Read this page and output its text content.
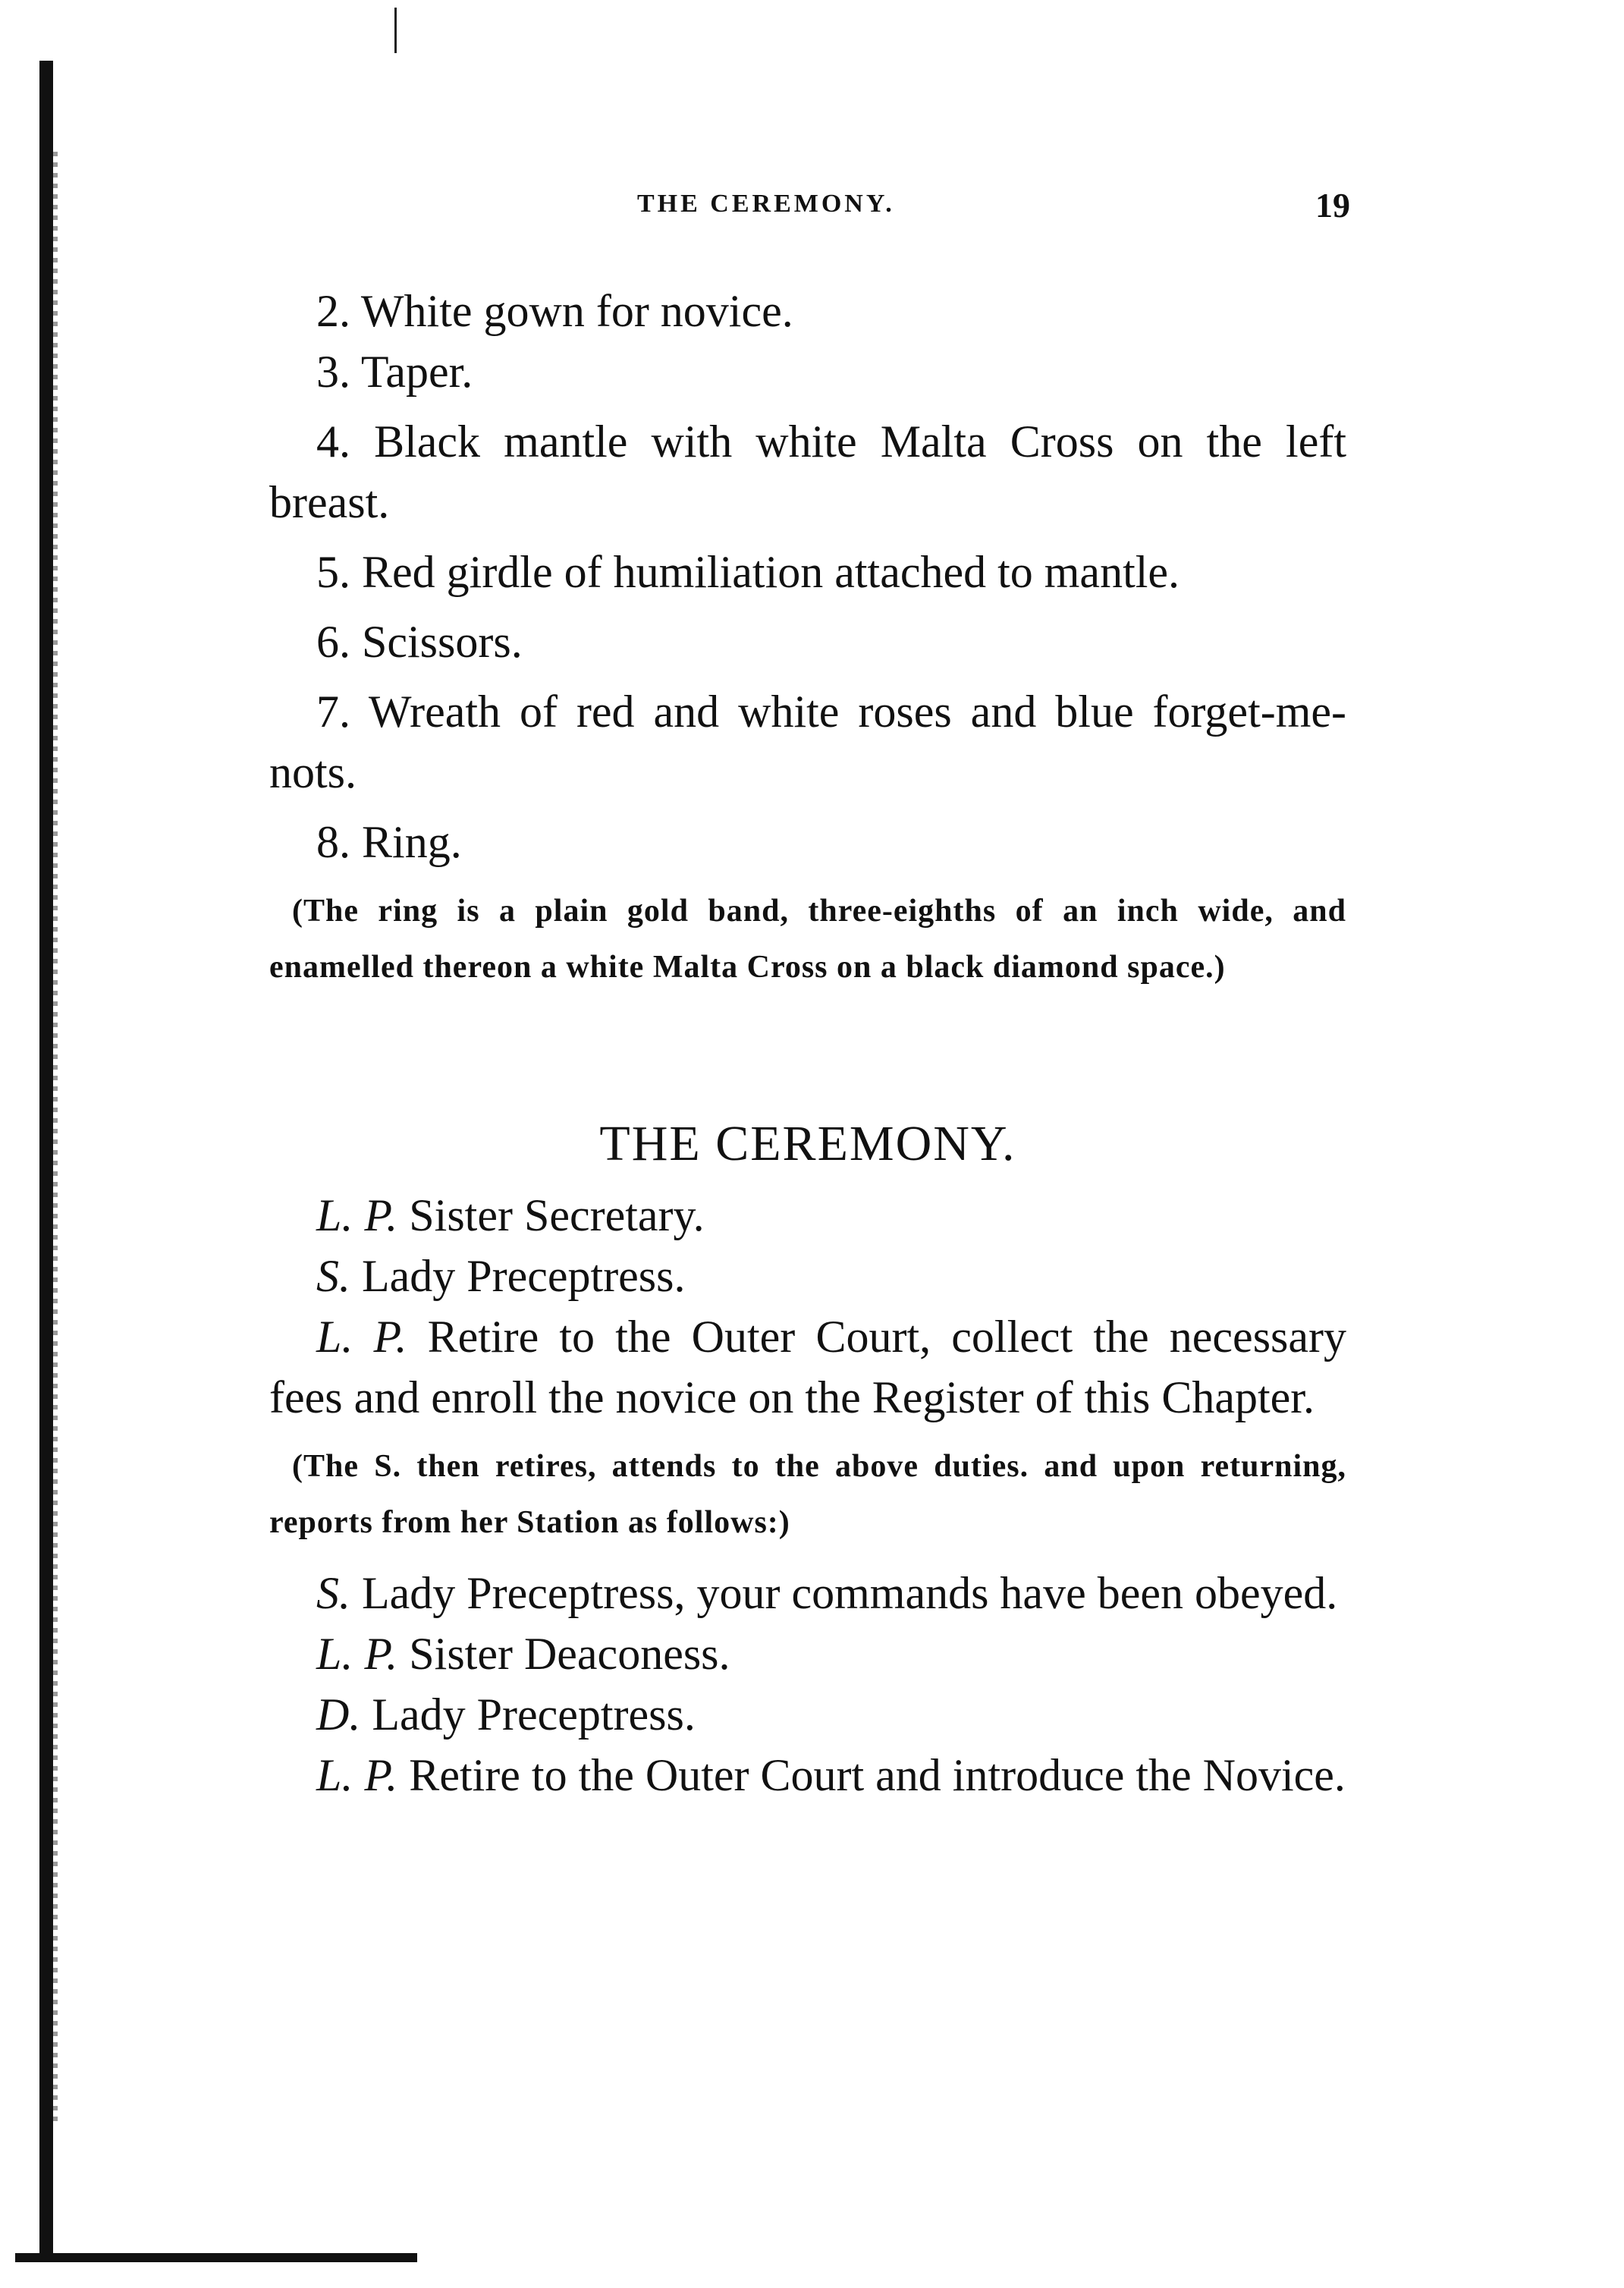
THE CEREMONY.	19

2. White gown for novice.

3. Taper.

4. Black mantle with white Malta Cross on the left breast.

5. Red girdle of humiliation attached to mantle.

6. Scissors.

7. Wreath of red and white roses and blue forget-me-nots.

8. Ring.

(The ring is a plain gold band, three-eighths of an inch wide, and enamelled thereon a white Malta Cross on a black diamond space.)

THE CEREMONY.

L. P. Sister Secretary.

S. Lady Preceptress.

L. P. Retire to the Outer Court, collect the necessary fees and enroll the novice on the Register of this Chapter.

(The S. then retires, attends to the above duties. and upon returning, reports from her Station as follows:)

S. Lady Preceptress, your commands have been obeyed.

L. P. Sister Deaconess.

D. Lady Preceptress.

L. P. Retire to the Outer Court and introduce the Novice.
